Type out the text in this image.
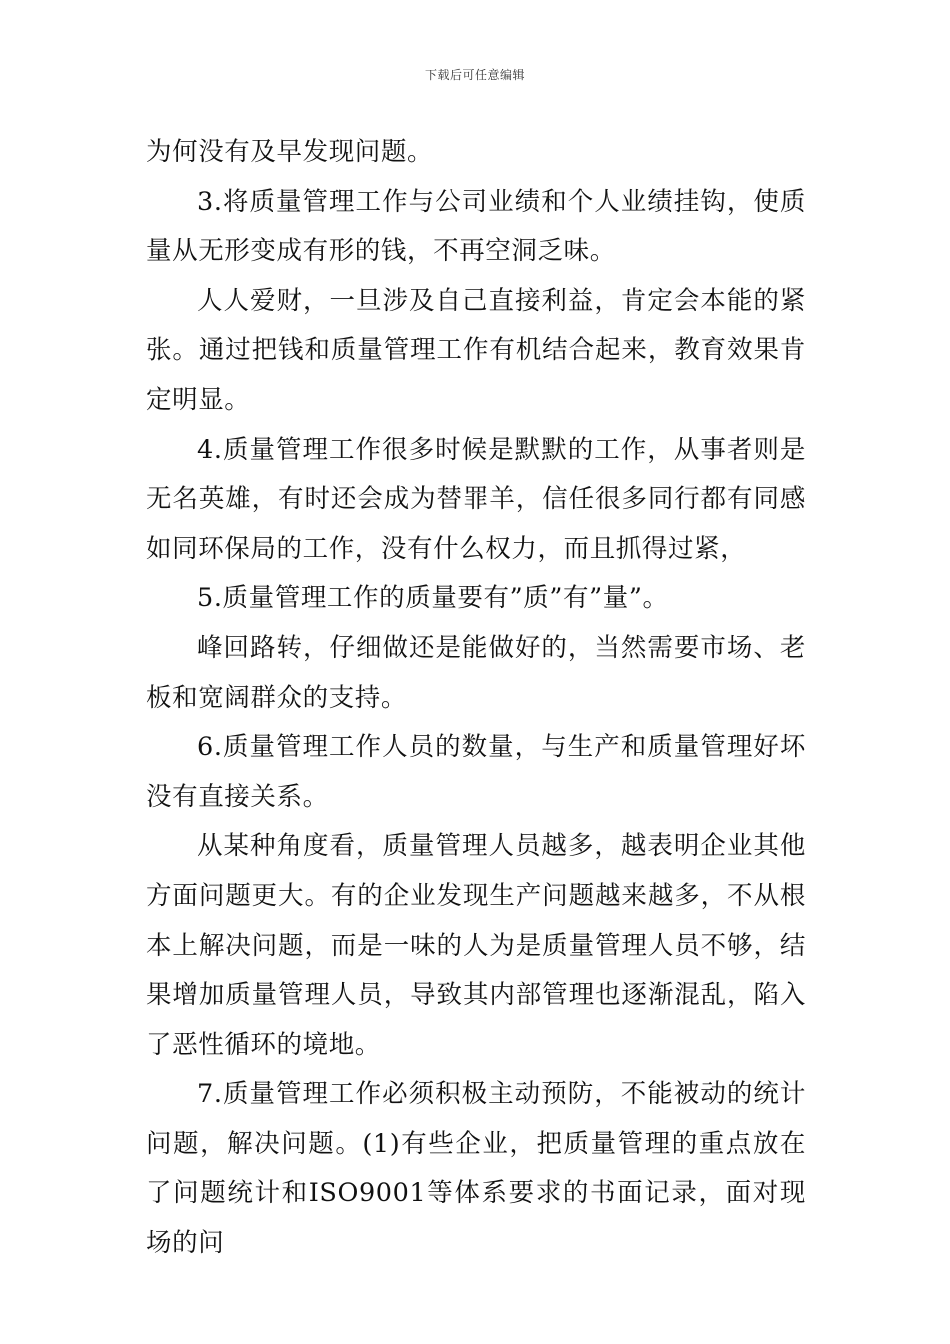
下载后可任意编辑

为何没有及早发现问题。

3.将质量管理工作与公司业绩和个人业绩挂钩，使质量从无形变成有形的钱，不再空洞乏味。

人人爱财，一旦涉及自己直接利益，肯定会本能的紧张。通过把钱和质量管理工作有机结合起来，教育效果肯定明显。

4.质量管理工作很多时候是默默的工作，从事者则是无名英雄，有时还会成为替罪羊，信任很多同行都有同感如同环保局的工作，没有什么权力，而且抓得过紧，

5.质量管理工作的质量要有”质”有”量”。

峰回路转，仔细做还是能做好的，当然需要市场、老板和宽阔群众的支持。

6.质量管理工作人员的数量，与生产和质量管理好坏没有直接关系。

从某种角度看，质量管理人员越多，越表明企业其他方面问题更大。有的企业发现生产问题越来越多，不从根本上解决问题，而是一味的人为是质量管理人员不够，结果增加质量管理人员，导致其内部管理也逐渐混乱，陷入了恶性循环的境地。

7.质量管理工作必须积极主动预防，不能被动的统计问题，解决问题。(1)有些企业，把质量管理的重点放在了问题统计和ISO9001等体系要求的书面记录，面对现场的问
